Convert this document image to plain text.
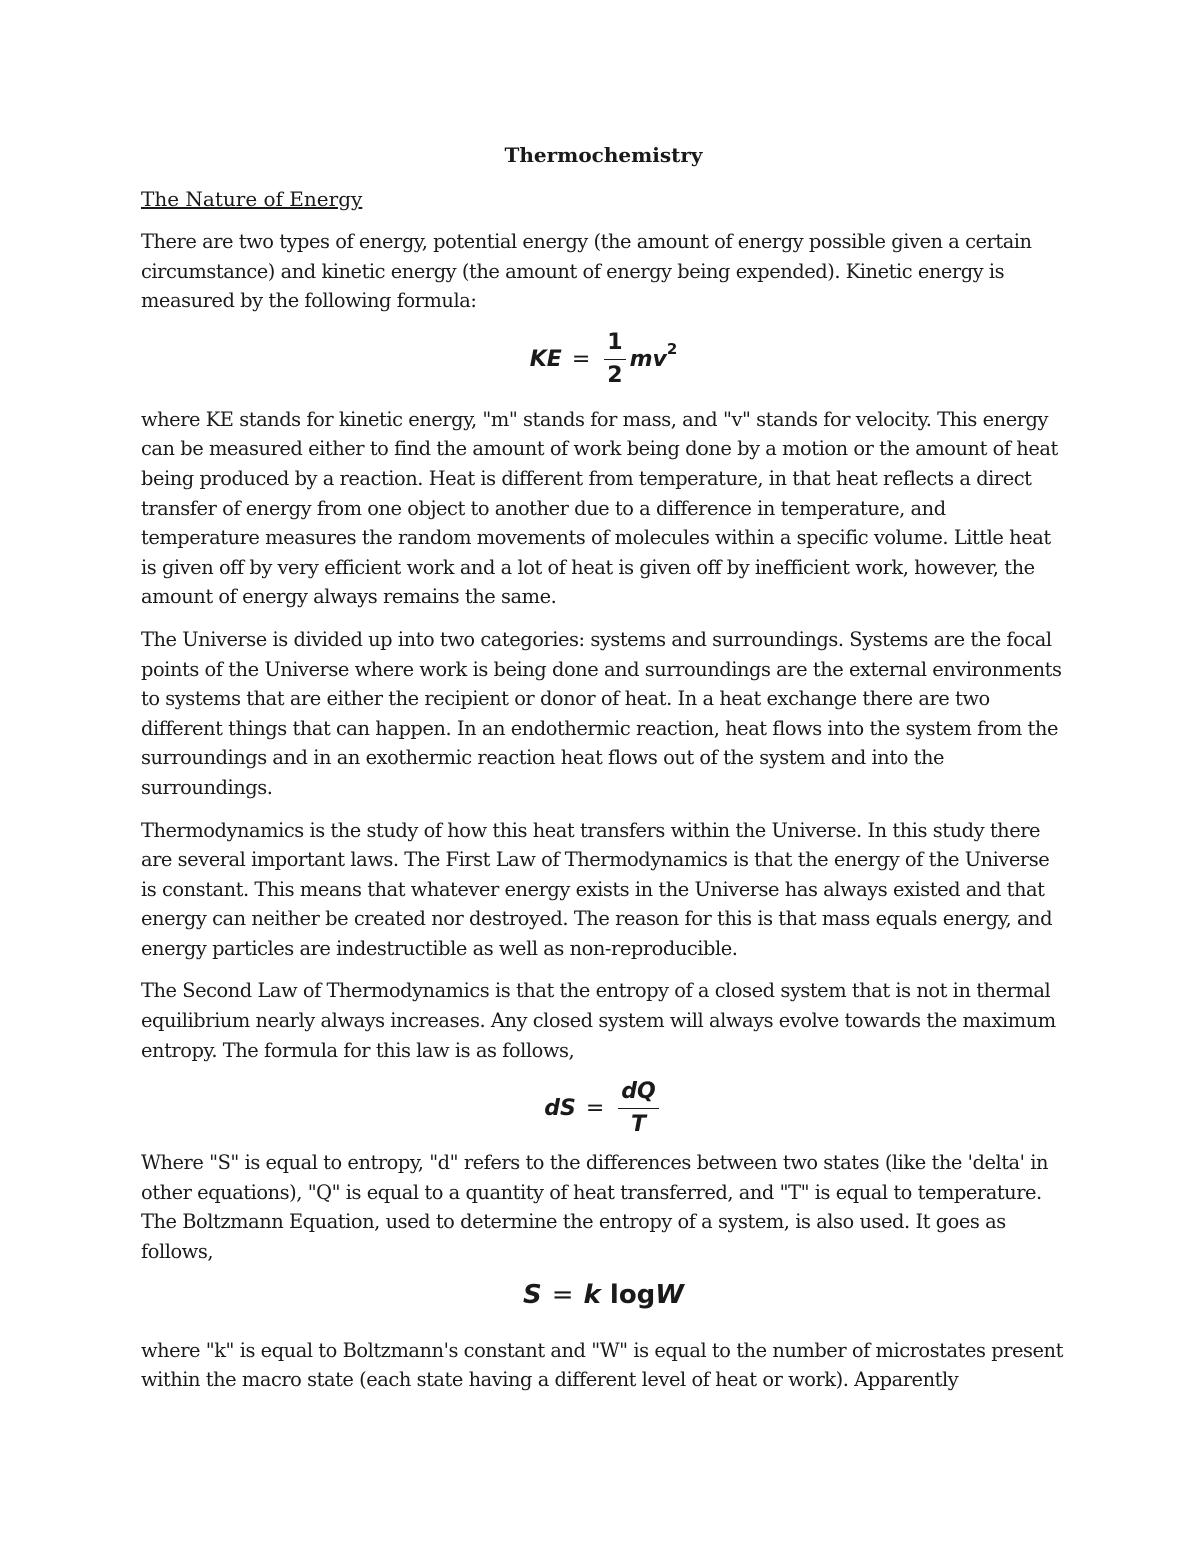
Thermochemistry
The Nature of Energy

There are two types of energy, potential energy (the amount of energy possible given a certain circumstance) and kinetic energy (the amount of energy being expended). Kinetic energy is measured by the following formula:

KE = $\frac{1}{2}$ mv 2

where KE stands for kinetic energy, "m" stands for mass, and "v" stands for velocity. This energy can be measured either to find the amount of work being done by a motion or the amount of heat being produced by a reaction. Heat is different from temperature, in that heat reflects a direct transfer of energy from one object to another due to a difference in temperature, and temperature measures the random movements of molecules within a specific volume. Little heat is given off by very efficient work and a lot of heat is given off by inefficient work, however, the amount of energy always remains the same.

The Universe is divided up into two categories: systems and surroundings. Systems are the focal points of the Universe where work is being done and surroundings are the external environments to systems that are either the recipient or donor of heat. In a heat exchange there are two different things that can happen. In an endothermic reaction, heat flows into the system from the surroundings and in an exothermic reaction heat flows out of the system and into the surroundings.

Thermodynamics is the study of how this heat transfers within the Universe. In this study there are several important laws. The First Law of Thermodynamics is that the energy of the Universe is constant. This means that whatever energy exists in the Universe has always existed and that energy can neither be created nor destroyed. The reason for this is that mass equals energy, and energy particles are indestructible as well as non-reproducible.

The Second Law of Thermodynamics is that the entropy of a closed system that is not in thermal equilibrium nearly always increases. Any closed system will always evolve towards the maximum entropy. The formula for this law is as follows,

dS = $\frac{dQ}{T}$

Where "S" is equal to entropy, "d" refers to the differences between two states (like the 'delta' in other equations), "Q" is equal to a quantity of heat transferred, and "T" is equal to temperature. The Boltzmann Equation, used to determine the entropy of a system, is also used. It goes as follows,

S = k
log W

where "k" is equal to Boltzmann's constant and "W" is equal to the number of microstates present within the macro state (each state having a different level of heat or work). Apparently
